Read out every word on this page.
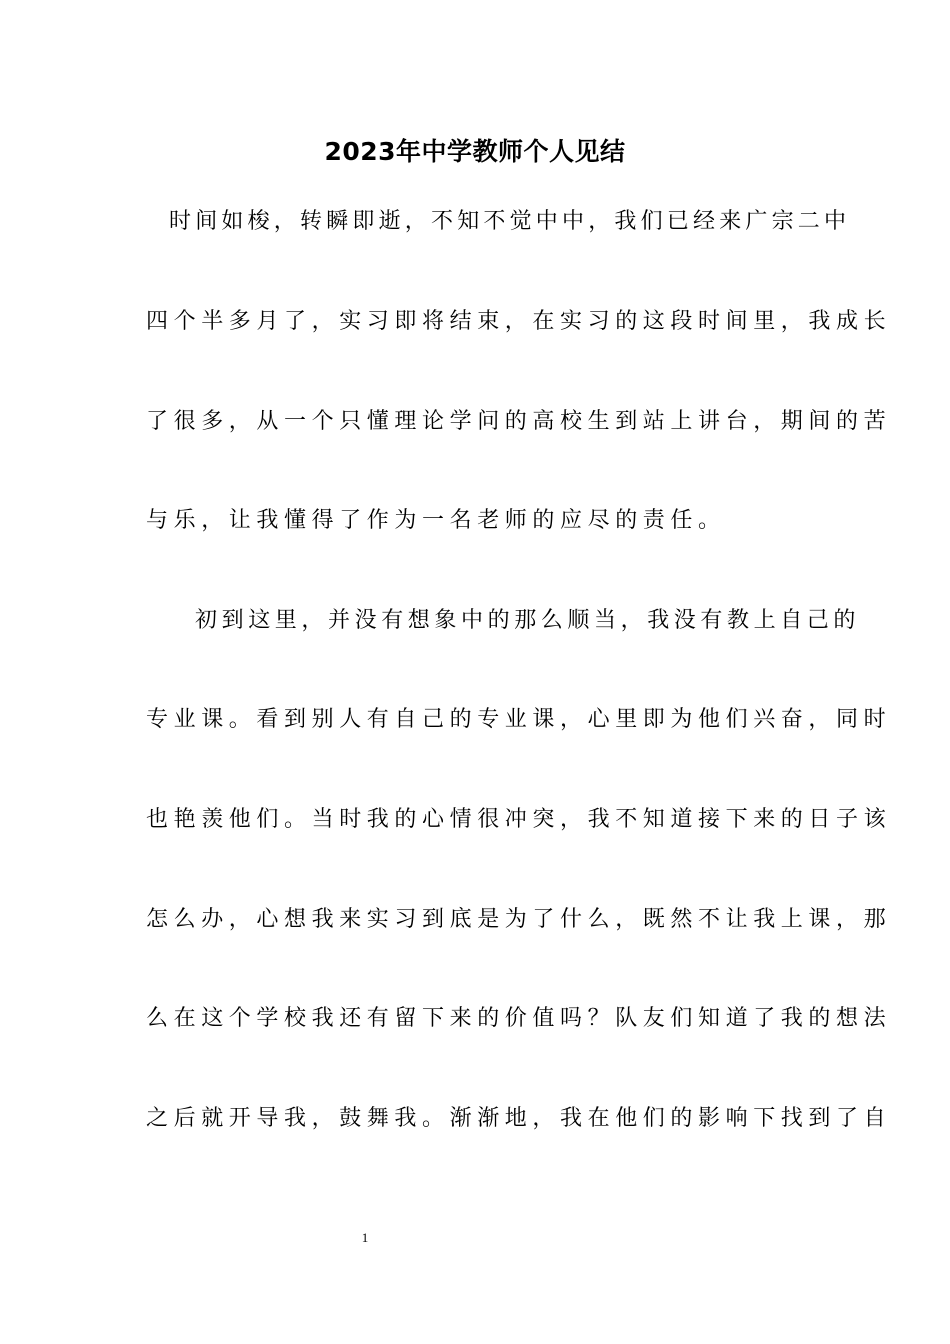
2023年中学教师个人见结
时间如梭，转瞬即逝，不知不觉中中，我们已经来广宗二中
四个半多月了，实习即将结束，在实习的这段时间里，我成长
了很多，从一个只懂理论学问的高校生到站上讲台，期间的苦
与乐，让我懂得了作为一名老师的应尽的责任。
初到这里，并没有想象中的那么顺当，我没有教上自己的
专业课。看到别人有自己的专业课，心里即为他们兴奋，同时
也艳羡他们。当时我的心情很冲突，我不知道接下来的日子该
怎么办，心想我来实习到底是为了什么，既然不让我上课，那
么在这个学校我还有留下来的价值吗？队友们知道了我的想法
之后就开导我，鼓舞我。渐渐地，我在他们的影响下找到了自
1
